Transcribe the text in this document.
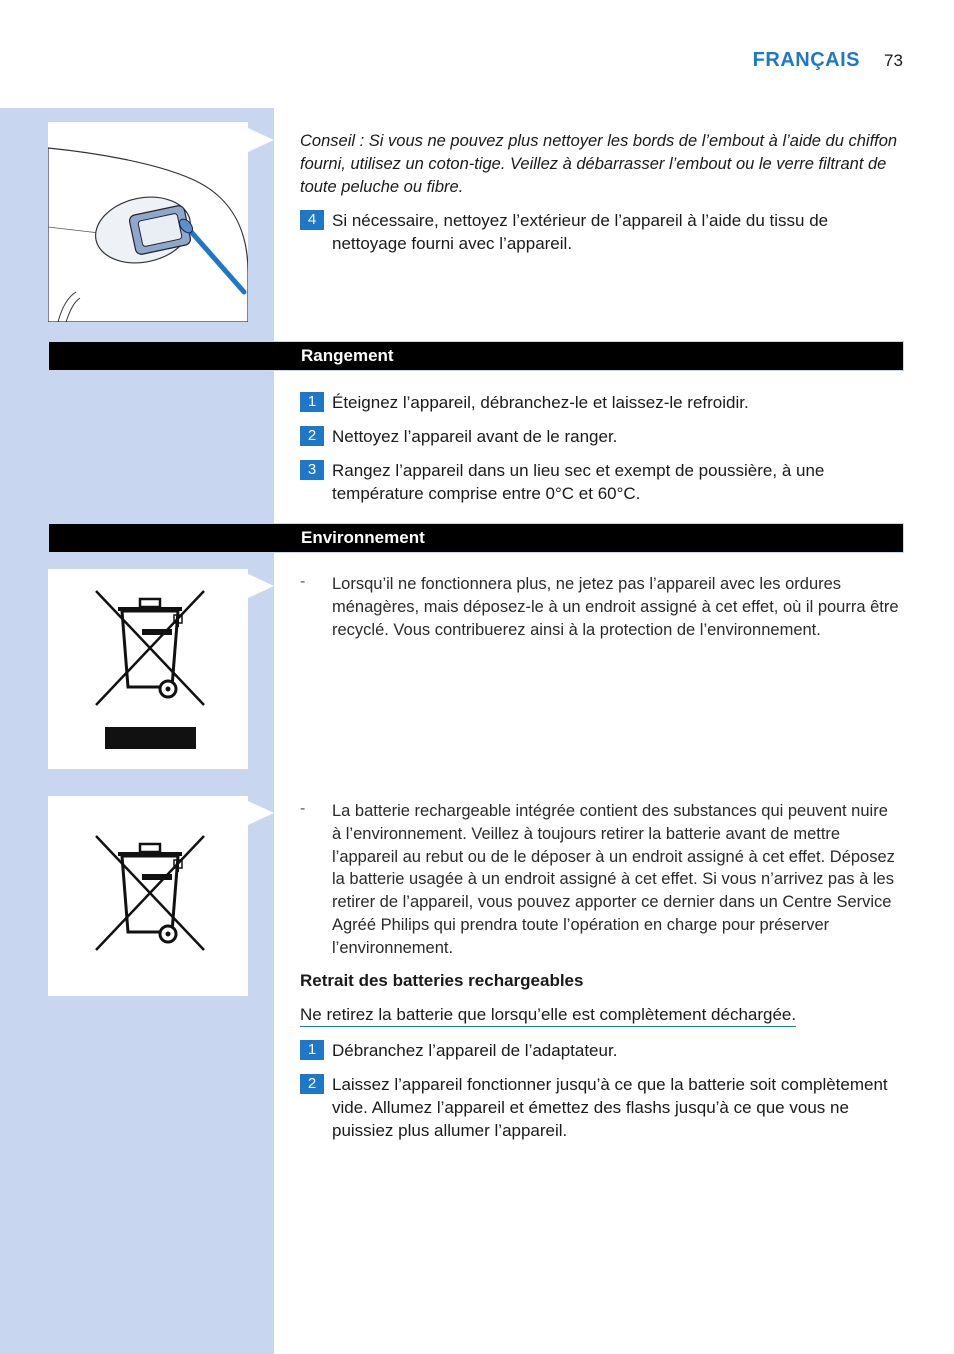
FRANÇAIS 73
Conseil : Si vous ne pouvez plus nettoyer les bords de l’embout à l’aide du chiffon fourni, utilisez un coton-tige. Veillez à débarrasser l’embout ou le verre filtrant de toute peluche ou fibre.
4 Si nécessaire, nettoyez l’extérieur de l’appareil à l’aide du tissu de nettoyage fourni avec l’appareil.
Rangement
1 Éteignez l’appareil, débranchez-le et laissez-le refroidir.
2 Nettoyez l’appareil avant de le ranger.
3 Rangez l’appareil dans un lieu sec et exempt de poussière, à une température comprise entre 0°C et 60°C.
Environnement
- Lorsqu’il ne fonctionnera plus, ne jetez pas l’appareil avec les ordures ménagères, mais déposez-le à un endroit assigné à cet effet, où il pourra être recyclé. Vous contribuerez ainsi à la protection de l’environnement.
- La batterie rechargeable intégrée contient des substances qui peuvent nuire à l’environnement. Veillez à toujours retirer la batterie avant de mettre l’appareil au rebut ou de le déposer à un endroit assigné à cet effet. Déposez la batterie usagée à un endroit assigné à cet effet. Si vous n’arrivez pas à les retirer de l’appareil, vous pouvez apporter ce dernier dans un Centre Service Agréé Philips qui prendra toute l’opération en charge pour préserver l’environnement.
Retrait des batteries rechargeables
Ne retirez la batterie que lorsqu’elle est complètement déchargée.
1 Débranchez l’appareil de l’adaptateur.
2 Laissez l’appareil fonctionner jusqu’à ce que la batterie soit complètement vide. Allumez l’appareil et émettez des flashs jusqu’à ce que vous ne puissiez plus allumer l’appareil.
